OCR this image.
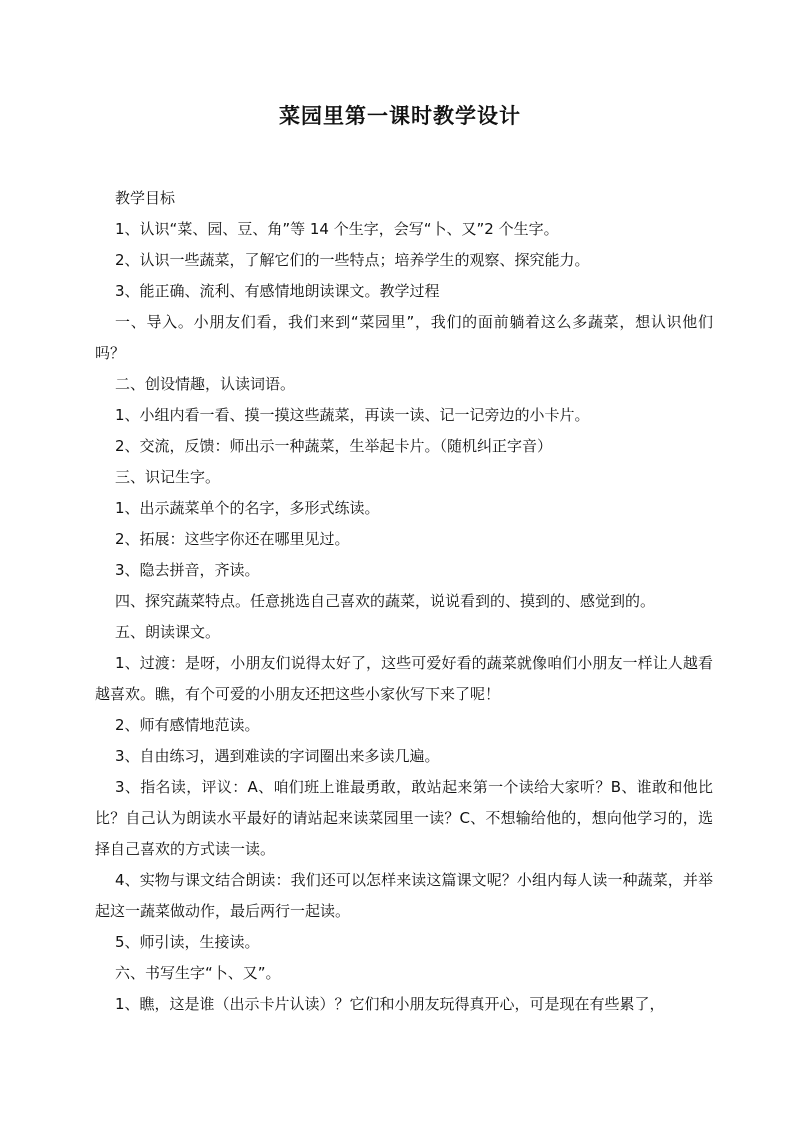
菜园里第一课时教学设计

教学目标

1、认识“菜、园、豆、角”等 14 个生字，会写“卜、又”2 个生字。

2、认识一些蔬菜，了解它们的一些特点；培养学生的观察、探究能力。

3、能正确、流利、有感情地朗读课文。教学过程

一、导入。小朋友们看，我们来到“菜园里”，我们的面前躺着这么多蔬菜，想认识他们吗？

二、创设情趣，认读词语。

1、小组内看一看、摸一摸这些蔬菜，再读一读、记一记旁边的小卡片。

2、交流，反馈：师出示一种蔬菜，生举起卡片。（随机纠正字音）

三、识记生字。

1、出示蔬菜单个的名字，多形式练读。

2、拓展：这些字你还在哪里见过。

3、隐去拼音，齐读。

四、探究蔬菜特点。任意挑选自己喜欢的蔬菜，说说看到的、摸到的、感觉到的。

五、朗读课文。

1、过渡：是呀，小朋友们说得太好了，这些可爱好看的蔬菜就像咱们小朋友一样让人越看越喜欢。瞧，有个可爱的小朋友还把这些小家伙写下来了呢！

2、师有感情地范读。

3、自由练习，遇到难读的字词圈出来多读几遍。

3、指名读，评议：A、咱们班上谁最勇敢，敢站起来第一个读给大家听？B、谁敢和他比比？自己认为朗读水平最好的请站起来读菜园里一读？C、不想输给他的，想向他学习的，选择自己喜欢的方式读一读。

4、实物与课文结合朗读：我们还可以怎样来读这篇课文呢？小组内每人读一种蔬菜，并举起这一蔬菜做动作，最后两行一起读。

5、师引读，生接读。

六、书写生字“卜、又”。

1、瞧，这是谁（出示卡片认读）？它们和小朋友玩得真开心，可是现在有些累了，
